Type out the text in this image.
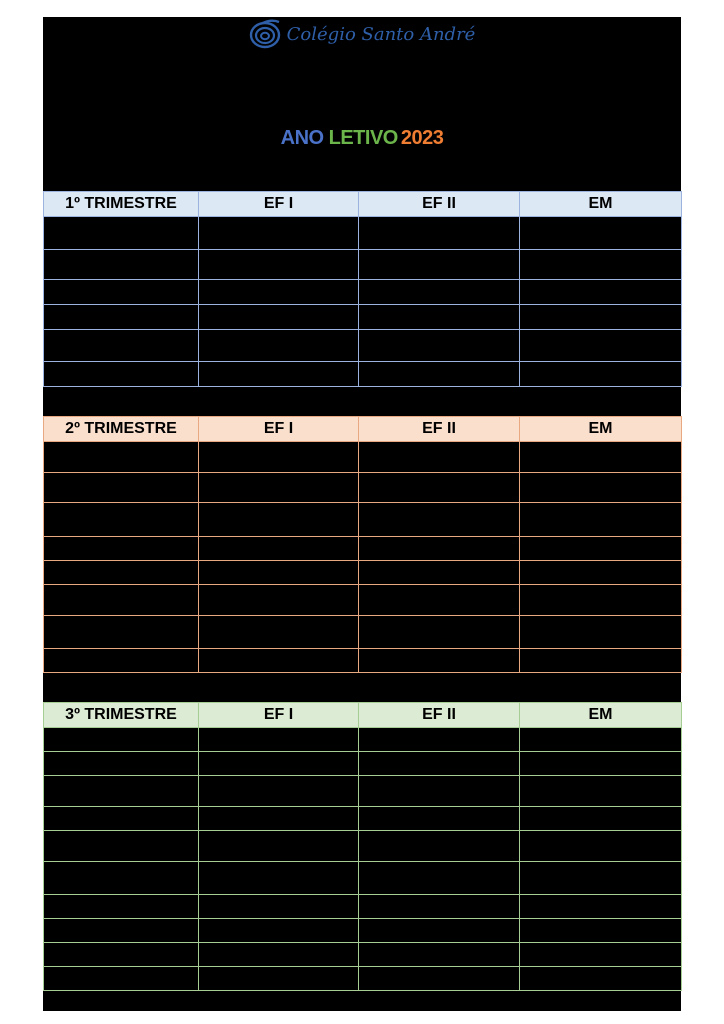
Colégio Santo André
ANO LETIVO 2023
1º TRIMESTRE	EF I	EF II	EM

2º TRIMESTRE	EF I	EF II	EM

3º TRIMESTRE	EF I	EF II	EM
